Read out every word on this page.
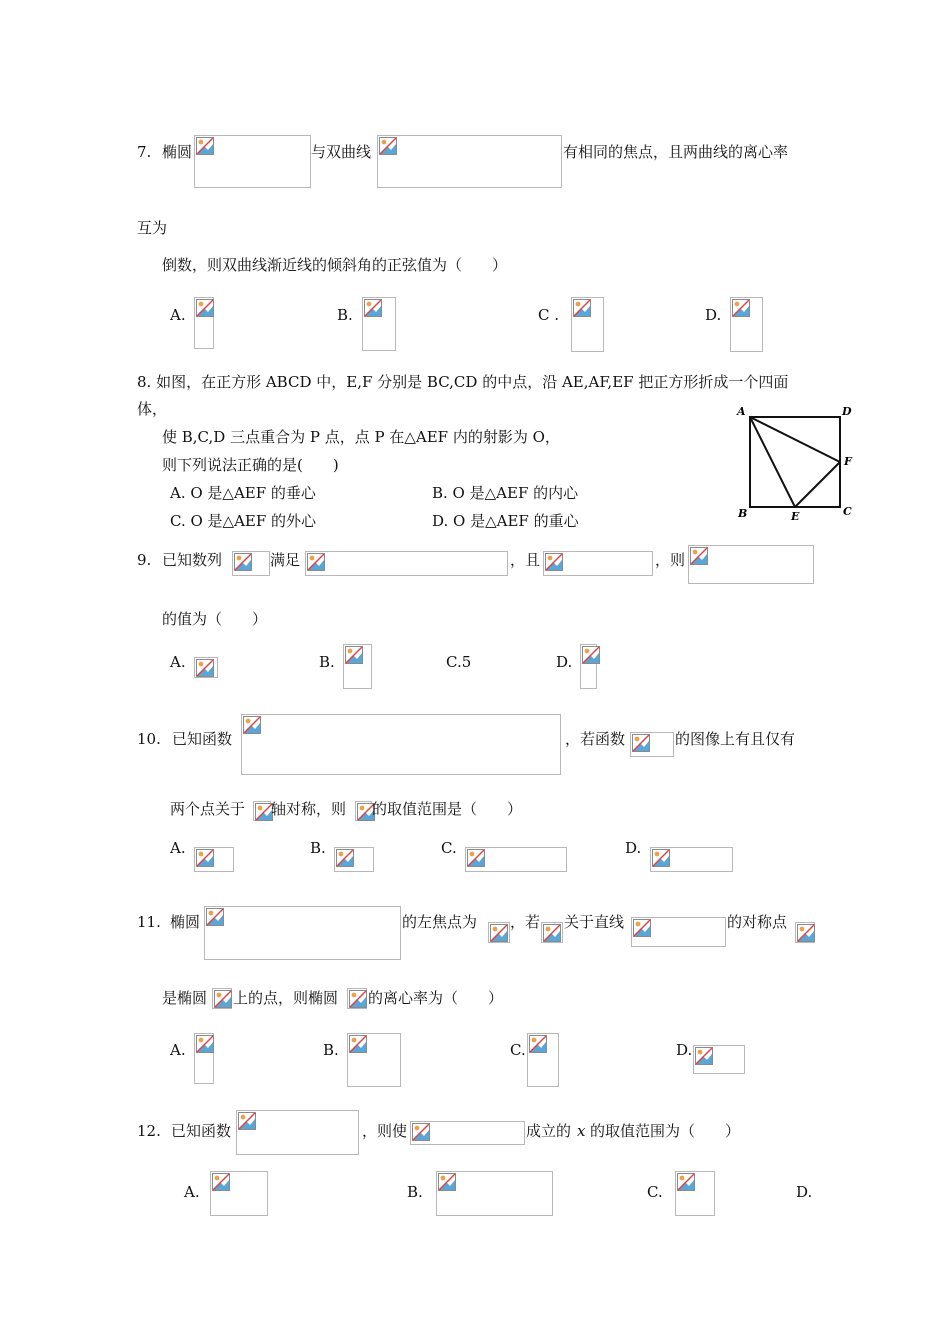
7. 椭圆	与双曲线	有相同的焦点，且两曲线的离心率
互为
倒数，则双曲线渐近线的倾斜角的正弦值为（　　）
A.	B.	C .	D.
8. 如图，在正方形 ABCD 中，E,F 分别是 BC,CD 的中点，沿 AE,AF,EF 把正方形折成一个四面
体，
使 B,C,D 三点重合为 P 点，点 P 在△AEF 内的射影为 O，
则下列说法正确的是(　　)
A. O 是△AEF 的垂心	B. O 是△AEF 的内心
C. O 是△AEF 的外心	D. O 是△AEF 的重心
A	D
F
B	E	C
9. 已知数列	满足	，且	，则
的值为（　　）
A.	B.	C.5	D.
10. 已知函数	，若函数	的图像上有且仅有
两个点关于 轴对称，则 的取值范围是（　　）
A.	B.	C.	D.
11. 椭圆	的左焦点为 ，若 关于直线	的对称点
是椭圆 上的点，则椭圆 的离心率为（　　）
A.	B.	C.	D.
12. 已知函数	，则使	成立的 x 的取值范围为（　　）
A.	B.	C.	D.
